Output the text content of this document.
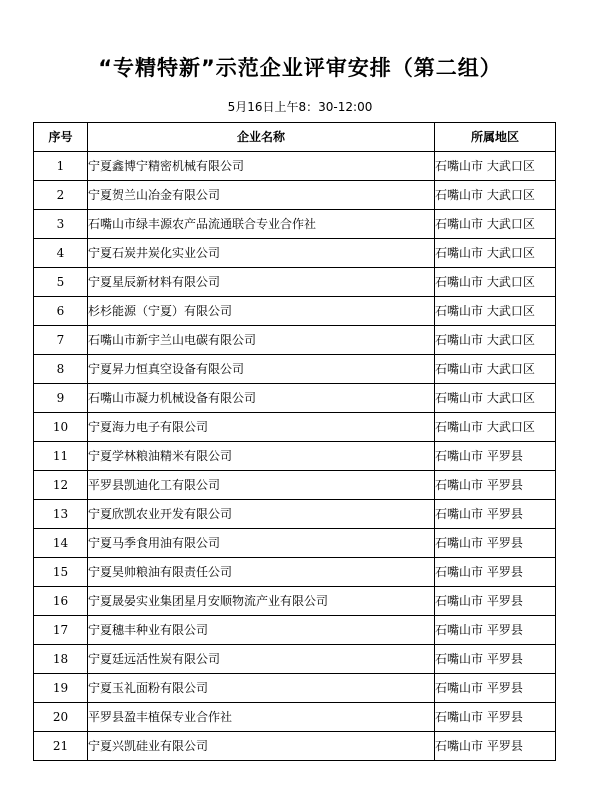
“专精特新”示范企业评审安排（第二组）
5月16日上午8：30-12:00
序号	企业名称	所属地区
1	宁夏鑫博宁精密机械有限公司	石嘴山市 大武口区
2	宁夏贺兰山冶金有限公司	石嘴山市 大武口区
3	石嘴山市绿丰源农产品流通联合专业合作社	石嘴山市 大武口区
4	宁夏石炭井炭化实业公司	石嘴山市 大武口区
5	宁夏星辰新材料有限公司	石嘴山市 大武口区
6	杉杉能源（宁夏）有限公司	石嘴山市 大武口区
7	石嘴山市新宇兰山电碳有限公司	石嘴山市 大武口区
8	宁夏昇力恒真空设备有限公司	石嘴山市 大武口区
9	石嘴山市凝力机械设备有限公司	石嘴山市 大武口区
10	宁夏海力电子有限公司	石嘴山市 大武口区
11	宁夏学林粮油精米有限公司	石嘴山市 平罗县
12	平罗县凯迪化工有限公司	石嘴山市 平罗县
13	宁夏欣凯农业开发有限公司	石嘴山市 平罗县
14	宁夏马季食用油有限公司	石嘴山市 平罗县
15	宁夏昊帅粮油有限责任公司	石嘴山市 平罗县
16	宁夏晟晏实业集团星月安顺物流产业有限公司	石嘴山市 平罗县
17	宁夏穗丰种业有限公司	石嘴山市 平罗县
18	宁夏廷远活性炭有限公司	石嘴山市 平罗县
19	宁夏玉礼面粉有限公司	石嘴山市 平罗县
20	平罗县盈丰植保专业合作社	石嘴山市 平罗县
21	宁夏兴凯硅业有限公司	石嘴山市 平罗县
